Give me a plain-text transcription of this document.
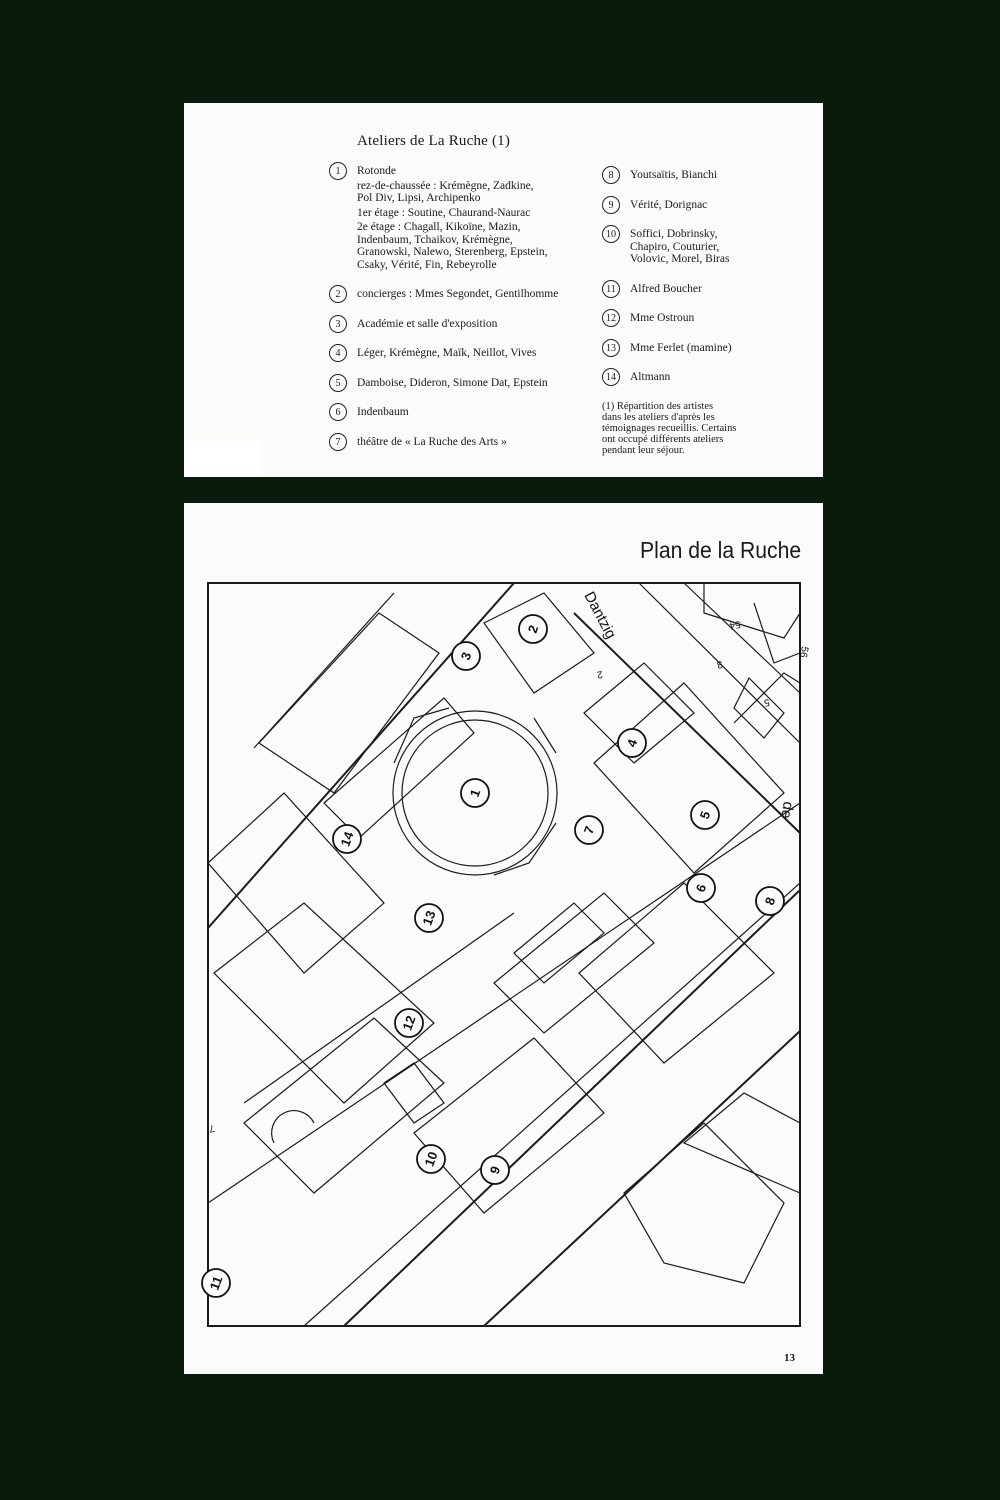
Ateliers de La Ruche (1)
1	Rotonde
rez-de-chaussée : Krémègne, Zadkine,
Pol Div, Lipsi, Archipenko
1er étage : Soutine, Chaurand-Naurac
2e étage : Chagall, Kikoïne, Mazin,
Indenbaum, Tchaikov, Krémègne,
Granowski, Nalewo, Sterenberg, Epstein,
Csaky, Vérité, Fin, Rebeyrolle
2	concierges : Mmes Segondet, Gentilhomme
3	Académie et salle d'exposition
4	Léger, Krémègne, Maïk, Neillot, Vives
5	Damboise, Dideron, Simone Dat, Epstein
6	Indenbaum
7	théâtre de « La Ruche des Arts »
8	Youtsaïtis, Bianchi
9	Vérité, Dorignac
10	Soffici, Dobrinsky,
Chapiro, Couturier,
Volovic, Morel, Biras
11	Alfred Boucher
12	Mme Ostroun
13	Mme Ferlet (mamine)
14	Altmann
(1) Répartition des artistes
dans les ateliers d'après les
témoignages recueillis. Certains
ont occupé différents ateliers
pendant leur séjour.
Plan de la Ruche
1
2
3
4
5
6
7
8
9
10
11
12
13
14
Dantzig
de
54
56
3
5
2
7
13
